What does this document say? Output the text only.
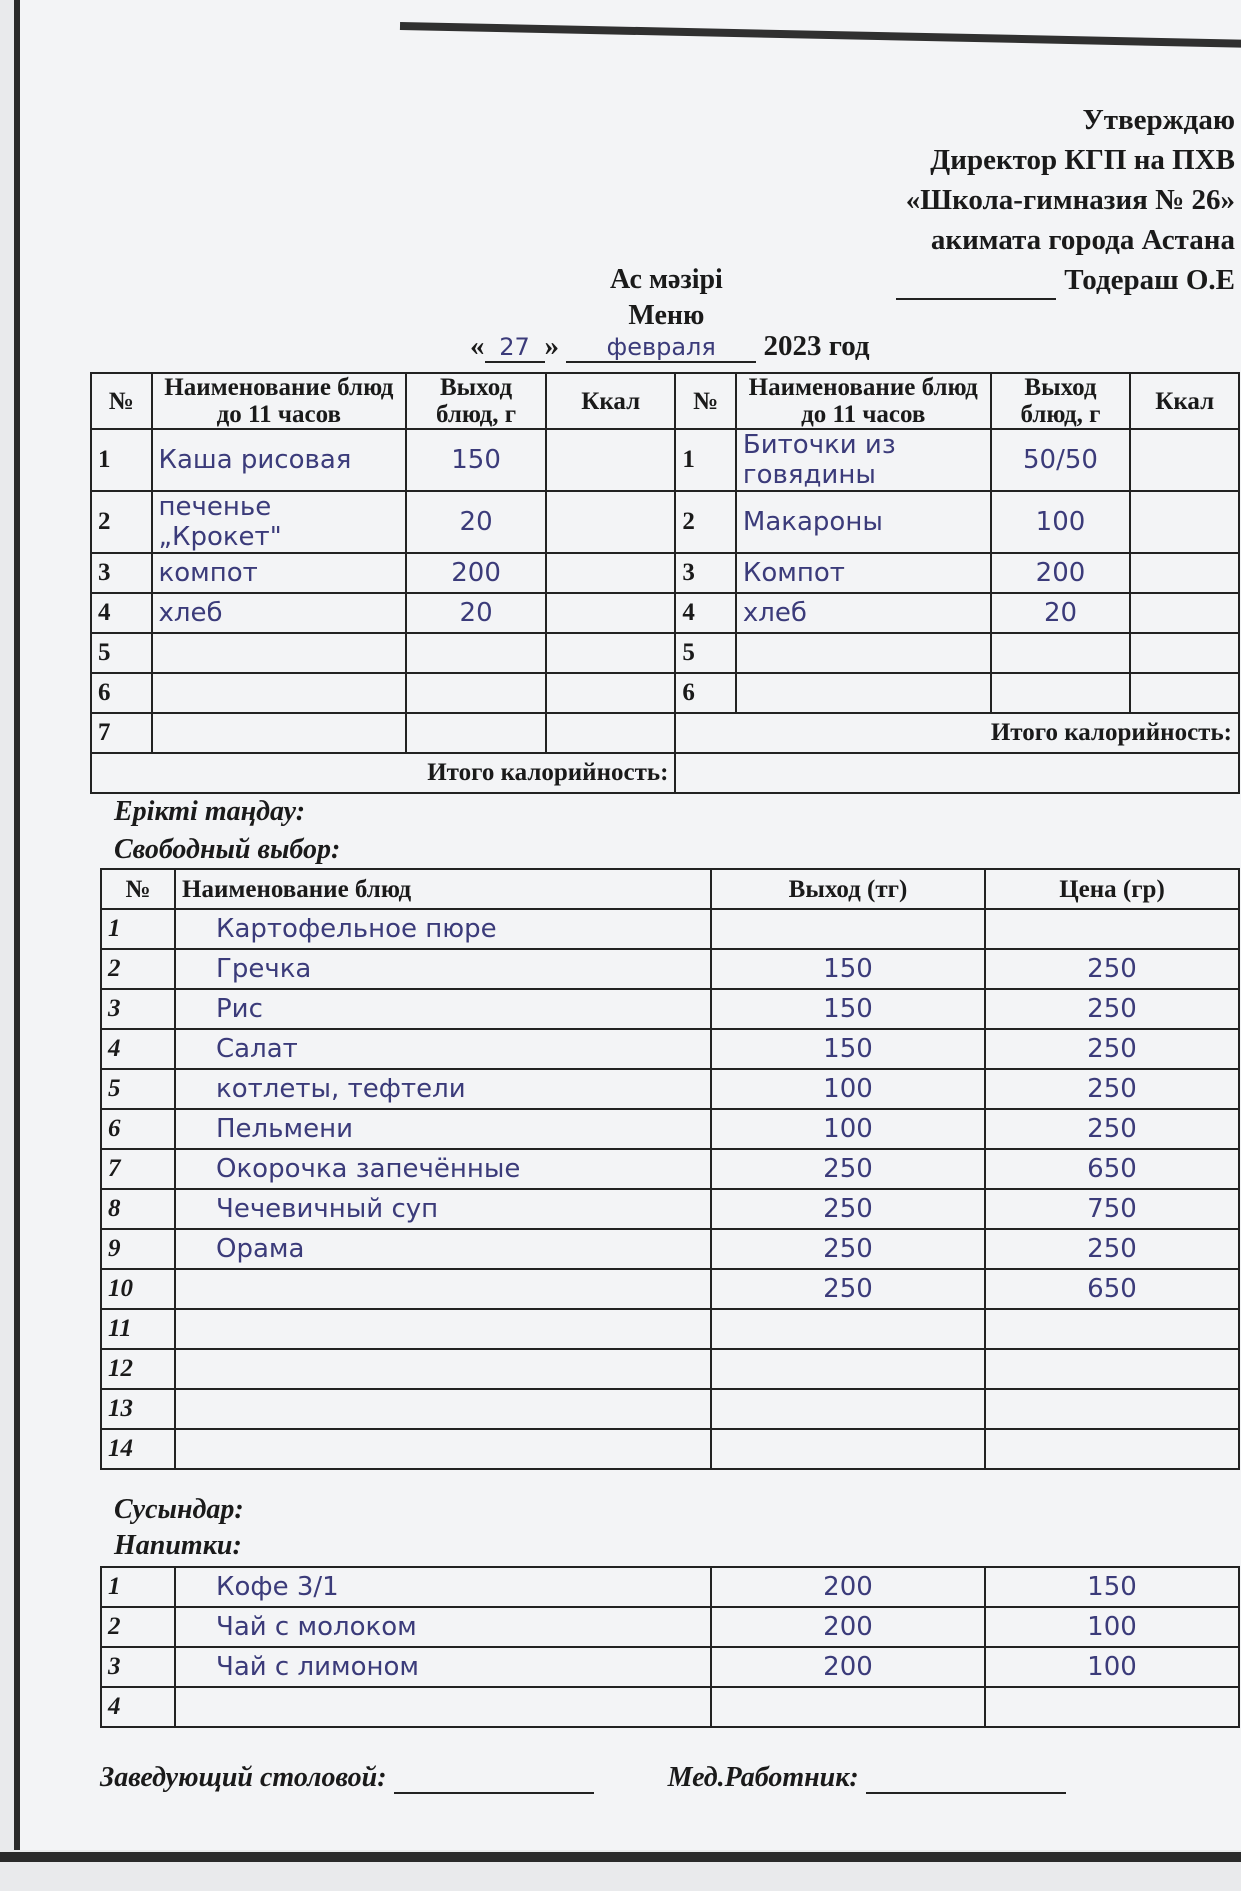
Утверждаю
Директор КГП на ПХВ
«Школа-гимназия № 26»
акимата города Астана
Тодераш О.Е
Ас мәзірі
Меню
« 27 » февраля 2023 год
№	Наименование блюд до 11 часов	Выход блюд, г	Ккал	№	Наименование блюд до 11 часов	Выход блюд, г	Ккал
1	Каша рисовая	150		1	Биточки из говядины	50/50	
2	печенье „Крокет"	20		2	Макароны	100	
3	компот	200		3	Компот	200	
4	хлеб	20		4	хлеб	20	
5				5			
6				6			
7				Итого калорийность:			
Итого калорийность:							
Ерікті таңдау:
Свободный выбор:
№	Наименование блюд	Выход (тг)	Цена (гр)
1	Картофельное пюре		
2	Гречка	150	250
3	Рис	150	250
4	Салат	150	250
5	котлеты, тефтели	100	250
6	Пельмени	100	250
7	Окорочка запечённые	250	650
8	Чечевичный суп	250	750
9	Орама	250	250
10		250	650
11			
12			
13			
14			
Сусындар:
Напитки:
1	Кофе 3/1	200	150
2	Чай с молоком	200	100
3	Чай с лимоном	200	100
4			
Заведующий столовой:	Мед.Работник:
